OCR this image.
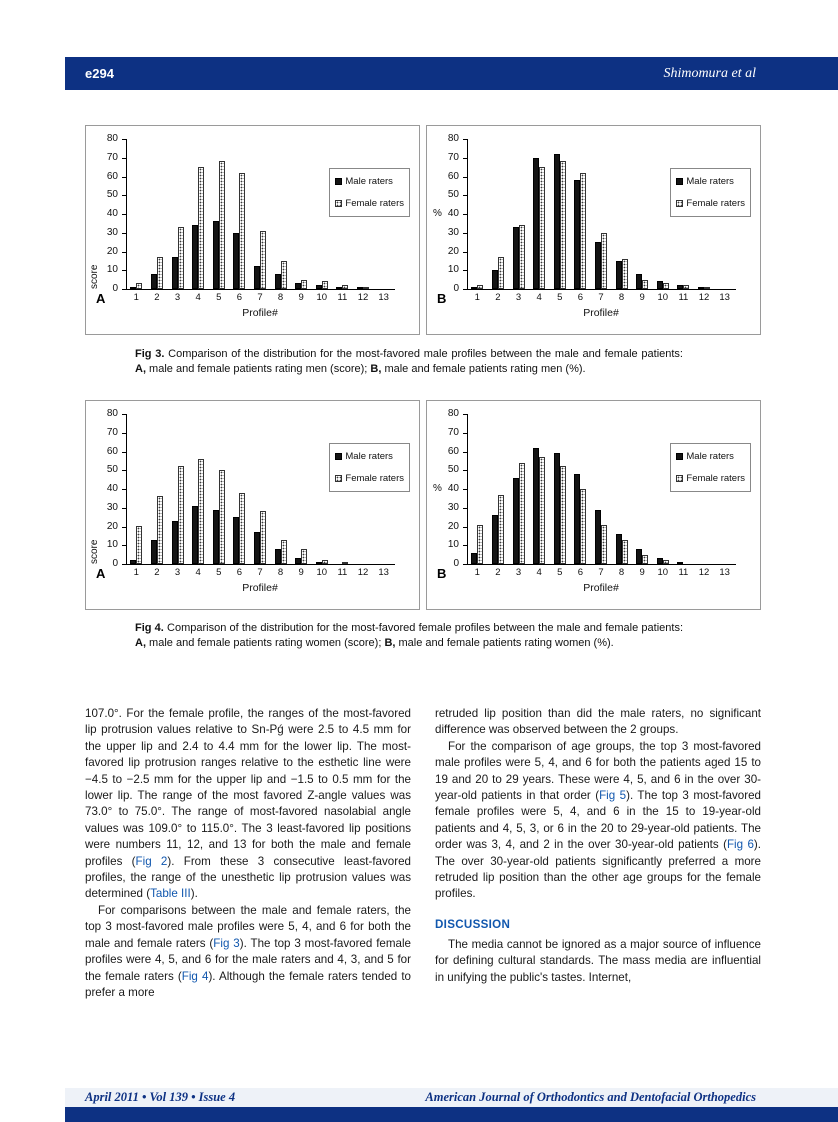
e294	Shimomura et al
0
10
20
30
40
50
60
70
80
score
1	2	3	4	5	6	7	8	9	10	11	12	13
Profile#
A
Male raters
Female raters
0
10
20
30
40
50
60
70
80
%
1	2	3	4	5	6	7	8	9	10	11	12	13
Profile#
B
Male raters
Female raters

Fig 3. Comparison of the distribution for the most-favored male profiles between the male and female patients: A, male and female patients rating men (score); B, male and female patients rating men (%).

0
10
20
30
40
50
60
70
80
score
1	2	3	4	5	6	7	8	9	10	11	12	13
Profile#
A
Male raters
Female raters
0
10
20
30
40
50
60
70
80
%
1	2	3	4	5	6	7	8	9	10	11	12	13
Profile#
B
Male raters
Female raters

Fig 4. Comparison of the distribution for the most-favored female profiles between the male and female patients: A, male and female patients rating women (score); B, male and female patients rating women (%).

107.0°. For the female profile, the ranges of the most-favored lip protrusion values relative to Sn-Pǵ were 2.5 to 4.5 mm for the upper lip and 2.4 to 4.4 mm for the lower lip. The most-favored lip protrusion ranges relative to the esthetic line were −4.5 to −2.5 mm for the upper lip and −1.5 to 0.5 mm for the lower lip. The range of the most favored Z-angle values was 73.0° to 75.0°. The range of most-favored nasolabial angle values was 109.0° to 115.0°. The 3 least-favored lip positions were numbers 11, 12, and 13 for both the male and female profiles (Fig 2). From these 3 consecutive least-favored profiles, the range of the unesthetic lip protrusion values was determined (Table III).

For comparisons between the male and female raters, the top 3 most-favored male profiles were 5, 4, and 6 for both the male and female raters (Fig 3). The top 3 most-favored female profiles were 4, 5, and 6 for the male raters and 4, 3, and 5 for the female raters (Fig 4). Although the female raters tended to prefer a more

retruded lip position than did the male raters, no significant difference was observed between the 2 groups.

For the comparison of age groups, the top 3 most-favored male profiles were 5, 4, and 6 for both the patients aged 15 to 19 and 20 to 29 years. These were 4, 5, and 6 in the over 30-year-old patients in that order (Fig 5). The top 3 most-favored female profiles were 5, 4, and 6 in the 15 to 19-year-old patients and 4, 5, 3, or 6 in the 20 to 29-year-old patients. The order was 3, 4, and 2 in the over 30-year-old patients (Fig 6). The over 30-year-old patients significantly preferred a more retruded lip position than the other age groups for the female profiles.

DISCUSSION

The media cannot be ignored as a major source of influence for defining cultural standards. The mass media are influential in unifying the public's tastes. Internet,

April 2011 • Vol 139 • Issue 4	American Journal of Orthodontics and Dentofacial Orthopedics
